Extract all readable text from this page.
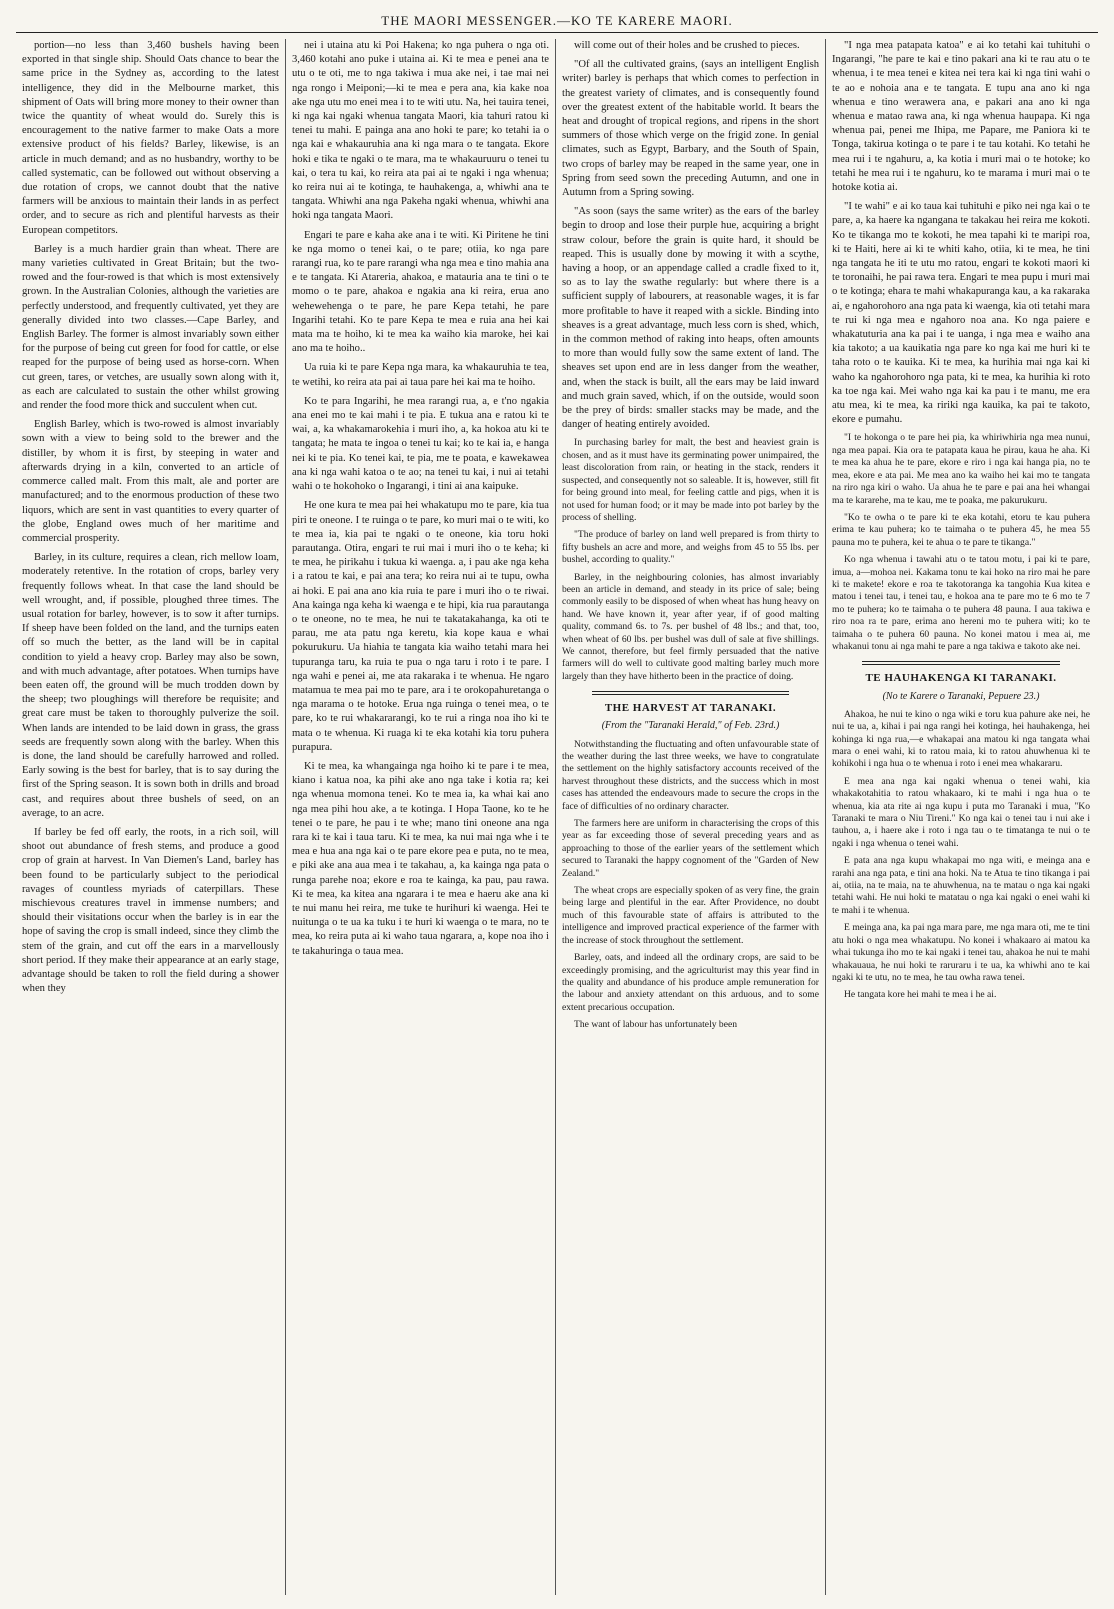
THE MAORI MESSENGER.—KO TE KARERE MAORI.

portion—no less than 3,460 bushels having been exported in that single ship. Should Oats chance to bear the same price in the Sydney as, according to the latest intelligence, they did in the Melbourne market, this shipment of Oats will bring more money to their owner than twice the quantity of wheat would do. Surely this is encouragement to the native farmer to make Oats a more extensive product of his fields? Barley, likewise, is an article in much demand; and as no husbandry, worthy to be called systematic, can be followed out without observing a due rotation of crops, we cannot doubt that the native farmers will be anxious to maintain their lands in as perfect order, and to secure as rich and plentiful harvests as their European competitors.

Barley is a much hardier grain than wheat. There are many varieties cultivated in Great Britain; but the two-rowed and the four-rowed is that which is most extensively grown. In the Australian Colonies, although the varieties are perfectly understood, and frequently cultivated, yet they are generally divided into two classes.—Cape Barley, and English Barley. The former is almost invariably sown either for the purpose of being cut green for food for cattle, or else reaped for the purpose of being used as horse-corn. When cut green, tares, or vetches, are usually sown along with it, as each are calculated to sustain the other whilst growing and render the food more thick and succulent when cut.

English Barley, which is two-rowed is almost invariably sown with a view to being sold to the brewer and the distiller, by whom it is first, by steeping in water and afterwards drying in a kiln, converted to an article of commerce called malt. From this malt, ale and porter are manufactured; and to the enormous production of these two liquors, which are sent in vast quantities to every quarter of the globe, England owes much of her maritime and commercial prosperity.

Barley, in its culture, requires a clean, rich mellow loam, moderately retentive. In the rotation of crops, barley very frequently follows wheat. In that case the land should be well wrought, and, if possible, ploughed three times. The usual rotation for barley, however, is to sow it after turnips. If sheep have been folded on the land, and the turnips eaten off so much the better, as the land will be in capital condition to yield a heavy crop. Barley may also be sown, and with much advantage, after potatoes. When turnips have been eaten off, the ground will be much trodden down by the sheep; two ploughings will therefore be requisite; and great care must be taken to thoroughly pulverize the soil. When lands are intended to be laid down in grass, the grass seeds are frequently sown along with the barley. When this is done, the land should be carefully harrowed and rolled. Early sowing is the best for barley, that is to say during the first of the Spring season. It is sown both in drills and broad cast, and requires about three bushels of seed, on an average, to an acre.

If barley be fed off early, the roots, in a rich soil, will shoot out abundance of fresh stems, and produce a good crop of grain at harvest. In Van Diemen's Land, barley has been found to be particularly subject to the periodical ravages of countless myriads of caterpillars. These mischievous creatures travel in immense numbers; and should their visitations occur when the barley is in ear the hope of saving the crop is small indeed, since they climb the stem of the grain, and cut off the ears in a marvellously short period. If they make their appearance at an early stage, advantage should be taken to roll the field during a shower when they

nei i utaina atu ki Poi Hakena; ko nga puhera o nga oti. 3,460 kotahi ano puke i utaina ai. Ki te mea e penei ana te utu o te oti, me to nga takiwa i mua ake nei, i tae mai nei nga rongo i Meiponi;—ki te mea e pera ana, kia kake noa ake nga utu mo enei mea i to te witi utu. Na, hei tauira tenei, ki nga kai ngaki whenua tangata Maori, kia tahuri ratou ki tenei tu mahi. E painga ana ano hoki te pare; ko tetahi ia o nga kai e whakauruhia ana ki nga mara o te tangata. Ekore hoki e tika te ngaki o te mara, ma te whakauruuru o tenei tu kai, o tera tu kai, ko reira ata pai ai te ngaki i nga whenua; ko reira nui ai te kotinga, te hauhakenga, a, whiwhi ana te tangata. Whiwhi ana nga Pakeha ngaki whenua, whiwhi ana hoki nga tangata Maori.

Engari te pare e kaha ake ana i te witi. Ki Piritene he tini ke nga momo o tenei kai, o te pare; otiia, ko nga pare rarangi rua, ko te pare rarangi wha nga mea e tino mahia ana e te tangata. Ki Atareria, ahakoa, e matauria ana te tini o te momo o te pare, ahakoa e ngakia ana ki reira, erua ano wehewehenga o te pare, he pare Kepa tetahi, he pare Ingarihi tetahi. Ko te pare Kepa te mea e ruia ana hei kai mata ma te hoiho, ki te mea ka waiho kia maroke, hei kai ano ma te hoiho..

Ua ruia ki te pare Kepa nga mara, ka whakauruhia te tea, te wetihi, ko reira ata pai ai taua pare hei kai ma te hoiho.

Ko te para Ingarihi, he mea rarangi rua, a, e t'no ngakia ana enei mo te kai mahi i te pia. E tukua ana e ratou ki te wai, a, ka whakamarokehia i muri iho, a, ka hokoa atu ki te tangata; he mata te ingoa o tenei tu kai; ko te kai ia, e hanga nei ki te pia. Ko tenei kai, te pia, me te poata, e kawekawea ana ki nga wahi katoa o te ao; na tenei tu kai, i nui ai tetahi wahi o te hokohoko o Ingarangi, i tini ai ana kaipuke.

He one kura te mea pai hei whakatupu mo te pare, kia tua piri te oneone. I te ruinga o te pare, ko muri mai o te witi, ko te mea ia, kia pai te ngaki o te oneone, kia toru hoki parautanga. Otira, engari te rui mai i muri iho o te keha; ki te mea, he pirikahu i tukua ki waenga. a, i pau ake nga keha i a ratou te kai, e pai ana tera; ko reira nui ai te tupu, owha ai hoki. E pai ana ano kia ruia te pare i muri iho o te riwai. Ana kainga nga keha ki waenga e te hipi, kia rua parautanga o te oneone, no te mea, he nui te takatakahanga, ka oti te parau, me ata patu nga keretu, kia kope kaua e whai pokurukuru. Ua hiahia te tangata kia waiho tetahi mara hei tupuranga taru, ka ruia te pua o nga taru i roto i te pare. I nga wahi e penei ai, me ata rakaraka i te whenua. He ngaro matamua te mea pai mo te pare, ara i te orokopahuretanga o nga marama o te hotoke. Erua nga ruinga o tenei mea, o te pare, ko te rui whakararangi, ko te rui a ringa noa iho ki te mata o te whenua. Ki ruaga ki te eka kotahi kia toru puhera purapura.

Ki te mea, ka whangainga nga hoiho ki te pare i te mea, kiano i katua noa, ka pihi ake ano nga take i kotia ra; kei nga whenua momona tenei. Ko te mea ia, ka whai kai ano nga mea pihi hou ake, a te kotinga. I Hopa Taone, ko te he tenei o te pare, he pau i te whe; mano tini oneone ana nga rara ki te kai i taua taru. Ki te mea, ka nui mai nga whe i te mea e hua ana nga kai o te pare ekore pea e puta, no te mea, e piki ake ana aua mea i te takahau, a, ka kainga nga pata o runga parehe noa; ekore e roa te kainga, ka pau, pau rawa. Ki te mea, ka kitea ana ngarara i te mea e haeru ake ana ki te nui manu hei reira, me tuke te hurihuri ki waenga. Hei te nuitunga o te ua ka tuku i te huri ki waenga o te mara, no te mea, ko reira puta ai ki waho taua ngarara, a, kope noa iho i te takahuringa o taua mea.

will come out of their holes and be crushed to pieces.

"Of all the cultivated grains, (says an intelligent English writer) barley is perhaps that which comes to perfection in the greatest variety of climates, and is consequently found over the greatest extent of the habitable world. It bears the heat and drought of tropical regions, and ripens in the short summers of those which verge on the frigid zone. In genial climates, such as Egypt, Barbary, and the South of Spain, two crops of barley may be reaped in the same year, one in Spring from seed sown the preceding Autumn, and one in Autumn from a Spring sowing.

"As soon (says the same writer) as the ears of the barley begin to droop and lose their purple hue, acquiring a bright straw colour, before the grain is quite hard, it should be reaped. This is usually done by mowing it with a scythe, having a hoop, or an appendage called a cradle fixed to it, so as to lay the swathe regularly: but where there is a sufficient supply of labourers, at reasonable wages, it is far more profitable to have it reaped with a sickle. Binding into sheaves is a great advantage, much less corn is shed, which, in the common method of raking into heaps, often amounts to more than would fully sow the same extent of land. The sheaves set upon end are in less danger from the weather, and, when the stack is built, all the ears may be laid inward and much grain saved, which, if on the outside, would soon be the prey of birds: smaller stacks may be made, and the danger of heating entirely avoided.

In purchasing barley for malt, the best and heaviest grain is chosen, and as it must have its germinating power unimpaired, the least discoloration from rain, or heating in the stack, renders it suspected, and consequently not so saleable. It is, however, still fit for being ground into meal, for feeling cattle and pigs, when it is not used for human food; or it may be made into pot barley by the process of shelling.

"The produce of barley on land well prepared is from thirty to fifty bushels an acre and more, and weighs from 45 to 55 lbs. per bushel, according to quality."

Barley, in the neighbouring colonies, has almost invariably been an article in demand, and steady in its price of sale; being commonly easily to be disposed of when wheat has hung heavy on hand. We have known it, year after year, if of good malting quality, command 6s. to 7s. per bushel of 48 lbs.; and that, too, when wheat of 60 lbs. per bushel was dull of sale at five shillings. We cannot, therefore, but feel firmly persuaded that the native farmers will do well to cultivate good malting barley much more largely than they have hitherto been in the practice of doing.

THE HARVEST AT TARANAKI.
(From the "Taranaki Herald," of Feb. 23rd.)

Notwithstanding the fluctuating and often unfavourable state of the weather during the last three weeks, we have to congratulate the settlement on the highly satisfactory accounts received of the harvest throughout these districts, and the success which in most cases has attended the endeavours made to secure the crops in the face of difficulties of no ordinary character.

The farmers here are uniform in characterising the crops of this year as far exceeding those of several preceding years and as approaching to those of the earlier years of the settlement which secured to Taranaki the happy cognoment of the "Garden of New Zealand."

The wheat crops are especially spoken of as very fine, the grain being large and plentiful in the ear. After Providence, no doubt much of this favourable state of affairs is attributed to the intelligence and improved practical experience of the farmer with the increase of stock throughout the settlement.

Barley, oats, and indeed all the ordinary crops, are said to be exceedingly promising, and the agriculturist may this year find in the quality and abundance of his produce ample remuneration for the labour and anxiety attendant on this arduous, and to some extent precarious occupation.

The want of labour has unfortunately been

"I nga mea patapata katoa" e ai ko tetahi kai tuhituhi o Ingarangi, "he pare te kai e tino pakari ana ki te rau atu o te whenua, i te mea tenei e kitea nei tera kai ki nga tini wahi o te ao e nohoia ana e te tangata. E tupu ana ano ki nga whenua e tino werawera ana, e pakari ana ano ki nga whenua e matao rawa ana, ki nga whenua haupapa. Ki nga whenua pai, penei me Ihipa, me Papare, me Paniora ki te Tonga, takirua kotinga o te pare i te tau kotahi. Ko tetahi he mea rui i te ngahuru, a, ka kotia i muri mai o te hotoke; ko tetahi he mea rui i te ngahuru, ko te marama i muri mai o te hotoke kotia ai.

"I te wahi" e ai ko taua kai tuhituhi e piko nei nga kai o te pare, a, ka haere ka ngangana te takakau hei reira me kokoti. Ko te tikanga mo te kokoti, he mea tapahi ki te maripi roa, ki te Haiti, here ai ki te whiti kaho, otiia, ki te mea, he tini nga tangata he iti te utu mo ratou, engari te kokoti maori ki te toronaihi, he pai rawa tera. Engari te mea pupu i muri mai o te kotinga; ehara te mahi whakapuranga kau, a ka rakaraka ai, e ngahorohoro ana nga pata ki waenga, kia oti tetahi mara te rui ki nga mea e ngahoro noa ana. Ko nga paiere e whakatuturia ana ka pai i te uanga, i nga mea e waiho ana kia takoto; a ua kauikatia nga pare ko nga kai me huri ki te taha roto o te kauika. Ki te mea, ka hurihia mai nga kai ki waho ka ngahorohoro nga pata, ki te mea, ka hurihia ki roto ka toe nga kai. Mei waho nga kai ka pau i te manu, me era atu mea, ki te mea, ka ririki nga kauika, ka pai te takoto, ekore e pumahu.

"I te hokonga o te pare hei pia, ka whiriwhiria nga mea nunui, nga mea papai. Kia ora te patapata kaua he pirau, kaua he aha. Ki te mea ka ahua he te pare, ekore e riro i nga kai hanga pia, no te mea, ekore e ata pai. Me mea ano ka waiho hei kai mo te tangata na riro nga kiri o waho. Ua ahua he te pare e pai ana hei whangai ma te kararehe, ma te kau, me te poaka, me pakurukuru.

"Ko te owha o te pare ki te eka kotahi, etoru te kau puhera erima te kau puhera; ko te taimaha o te puhera 45, he mea 55 pauna mo te puhera, kei te ahua o te pare te tikanga."

Ko nga whenua i tawahi atu o te tatou motu, i pai ki te pare, imua, a—mohoa nei. Kakama tonu te kai hoko na riro mai he pare ki te makete! ekore e roa te takotoranga ka tangohia Kua kitea e matou i tenei tau, i tenei tau, e hokoa ana te pare mo te 6 mo te 7 mo te puhera; ko te taimaha o te puhera 48 pauna. I aua takiwa e riro noa ra te pare, erima ano hereni mo te puhera witi; ko te taimaha o te puhera 60 pauna. No konei matou i mea ai, me whakanui tonu ai nga mahi te pare a nga takiwa e takoto ake nei.

TE HAUHAKENGA KI TARANAKI.
(No te Karere o Taranaki, Pepuere 23.)

Ahakoa, he nui te kino o nga wiki e toru kua pahure ake nei, he nui te ua, a, kihai i pai nga rangi hei kotinga, hei hauhakenga, hei kohinga ki nga rua,—e whakapai ana matou ki nga tangata whai mara o enei wahi, ki to ratou maia, ki to ratou ahuwhenua ki te kohikohi i nga hua o te whenua i roto i enei mea whakararu.

E mea ana nga kai ngaki whenua o tenei wahi, kia whakakotahitia to ratou whakaaro, ki te mahi i nga hua o te whenua, kia ata rite ai nga kupu i puta mo Taranaki i mua, "Ko Taranaki te mara o Niu Tireni." Ko nga kai o tenei tau i nui ake i tauhou, a, i haere ake i roto i nga tau o te timatanga te nui o te ngaki i nga whenua o tenei wahi.

E pata ana nga kupu whakapai mo nga witi, e meinga ana e rarahi ana nga pata, e tini ana hoki. Na te Atua te tino tikanga i pai ai, otiia, na te maia, na te ahuwhenua, na te matau o nga kai ngaki tetahi wahi. He nui hoki te matatau o nga kai ngaki o enei wahi ki te mahi i te whenua.

E meinga ana, ka pai nga mara pare, me nga mara oti, me te tini atu hoki o nga mea whakatupu. No konei i whakaaro ai matou ka whai tukunga iho mo te kai ngaki i tenei tau, ahakoa he nui te mahi whakauaua, he nui hoki te raruraru i te ua, ka whiwhi ano te kai ngaki ki te utu, no te mea, he tau owha rawa tenei.

He tangata kore hei mahi te mea i he ai.
